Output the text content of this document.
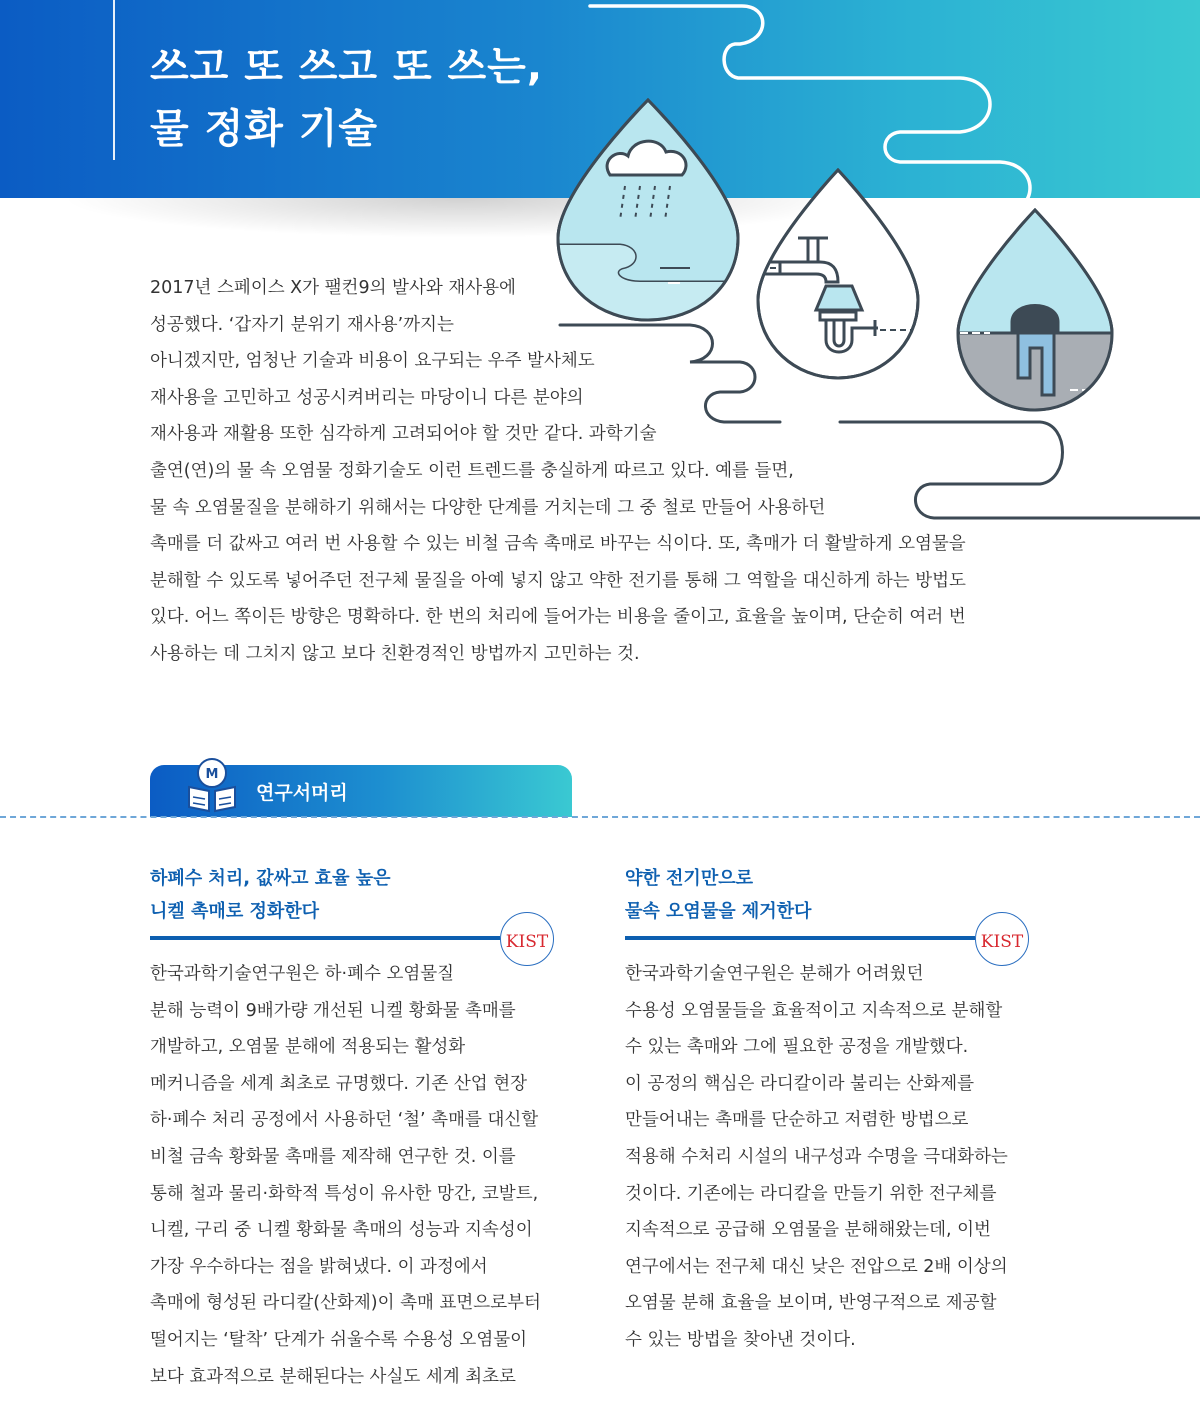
쓰고 또 쓰고 또 쓰는,
물 정화 기술
2017년 스페이스 X가 팰컨9의 발사와 재사용에
성공했다. ‘갑자기 분위기 재사용’까지는
아니겠지만, 엄청난 기술과 비용이 요구되는 우주 발사체도
재사용을 고민하고 성공시켜버리는 마당이니 다른 분야의
재사용과 재활용 또한 심각하게 고려되어야 할 것만 같다. 과학기술
출연(연)의 물 속 오염물 정화기술도 이런 트렌드를 충실하게 따르고 있다. 예를 들면,
물 속 오염물질을 분해하기 위해서는 다양한 단계를 거치는데 그 중 철로 만들어 사용하던
촉매를 더 값싸고 여러 번 사용할 수 있는 비철 금속 촉매로 바꾸는 식이다. 또, 촉매가 더 활발하게 오염물을
분해할 수 있도록 넣어주던 전구체 물질을 아예 넣지 않고 약한 전기를 통해 그 역할을 대신하게 하는 방법도
있다. 어느 쪽이든 방향은 명확하다. 한 번의 처리에 들어가는 비용을 줄이고, 효율을 높이며, 단순히 여러 번
사용하는 데 그치지 않고 보다 친환경적인 방법까지 고민하는 것.
M
연구서머리
하폐수 처리, 값싸고 효율 높은
니켈 촉매로 정화한다
KIST
한국과학기술연구원은 하·폐수 오염물질
분해 능력이 9배가량 개선된 니켈 황화물 촉매를
개발하고, 오염물 분해에 적용되는 활성화
메커니즘을 세계 최초로 규명했다. 기존 산업 현장
하·폐수 처리 공정에서 사용하던 ‘철’ 촉매를 대신할
비철 금속 황화물 촉매를 제작해 연구한 것. 이를
통해 철과 물리·화학적 특성이 유사한 망간, 코발트,
니켈, 구리 중 니켈 황화물 촉매의 성능과 지속성이
가장 우수하다는 점을 밝혀냈다. 이 과정에서
촉매에 형성된 라디칼(산화제)이 촉매 표면으로부터
떨어지는 ‘탈착’ 단계가 쉬울수록 수용성 오염물이
보다 효과적으로 분해된다는 사실도 세계 최초로
약한 전기만으로
물속 오염물을 제거한다
KIST
한국과학기술연구원은 분해가 어려웠던
수용성 오염물들을 효율적이고 지속적으로 분해할
수 있는 촉매와 그에 필요한 공정을 개발했다.
이 공정의 핵심은 라디칼이라 불리는 산화제를
만들어내는 촉매를 단순하고 저렴한 방법으로
적용해 수처리 시설의 내구성과 수명을 극대화하는
것이다. 기존에는 라디칼을 만들기 위한 전구체를
지속적으로 공급해 오염물을 분해해왔는데, 이번
연구에서는 전구체 대신 낮은 전압으로 2배 이상의
오염물 분해 효율을 보이며, 반영구적으로 제공할
수 있는 방법을 찾아낸 것이다.
